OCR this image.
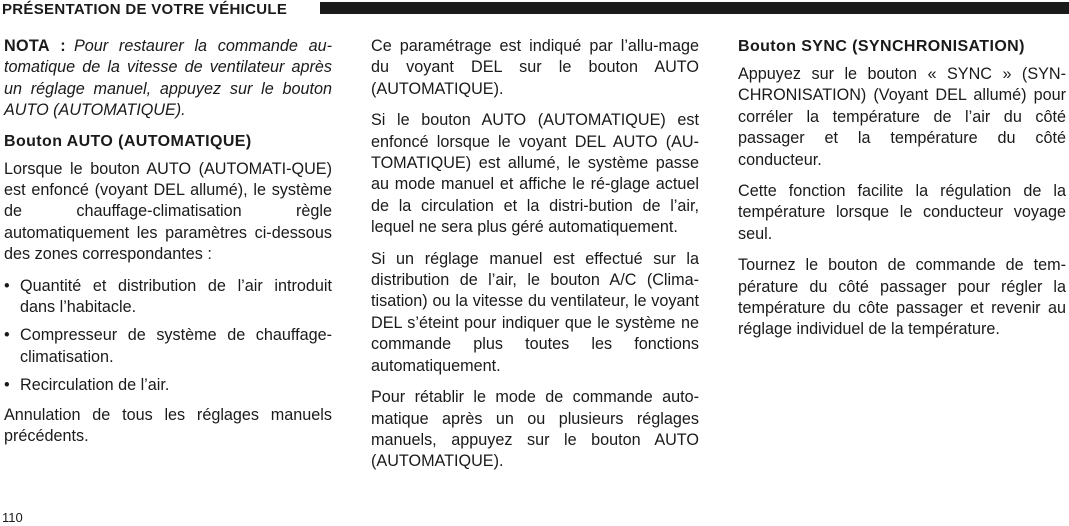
PRÉSENTATION DE VOTRE VÉHICULE

NOTA : Pour restaurer la commande au-tomatique de la vitesse de ventilateur après un réglage manuel, appuyez sur le bouton AUTO (AUTOMATIQUE).

Bouton AUTO (AUTOMATIQUE)

Lorsque le bouton AUTO (AUTOMATI-QUE) est enfoncé (voyant DEL allumé), le système de chauffage-climatisation règle automatiquement les paramètres ci-dessous des zones correspondantes :

• Quantité et distribution de l’air introduit dans l’habitacle.
• Compresseur de système de chauffage-climatisation.
• Recirculation de l’air.

Annulation de tous les réglages manuels précédents.

Ce paramétrage est indiqué par l’allu-mage du voyant DEL sur le bouton AUTO (AUTOMATIQUE).

Si le bouton AUTO (AUTOMATIQUE) est enfoncé lorsque le voyant DEL AUTO (AU-TOMATIQUE) est allumé, le système passe au mode manuel et affiche le ré-glage actuel de la circulation et la distri-bution de l’air, lequel ne sera plus géré automatiquement.

Si un réglage manuel est effectué sur la distribution de l’air, le bouton A/C (Clima-tisation) ou la vitesse du ventilateur, le voyant DEL s’éteint pour indiquer que le système ne commande plus toutes les fonctions automatiquement.

Pour rétablir le mode de commande auto-matique après un ou plusieurs réglages manuels, appuyez sur le bouton AUTO (AUTOMATIQUE).

Bouton SYNC (SYNCHRONISATION)

Appuyez sur le bouton « SYNC » (SYN-CHRONISATION) (Voyant DEL allumé) pour corréler la température de l’air du côté passager et la température du côté conducteur.

Cette fonction facilite la régulation de la température lorsque le conducteur voyage seul.

Tournez le bouton de commande de tem-pérature du côté passager pour régler la température du côte passager et revenir au réglage individuel de la température.

110
